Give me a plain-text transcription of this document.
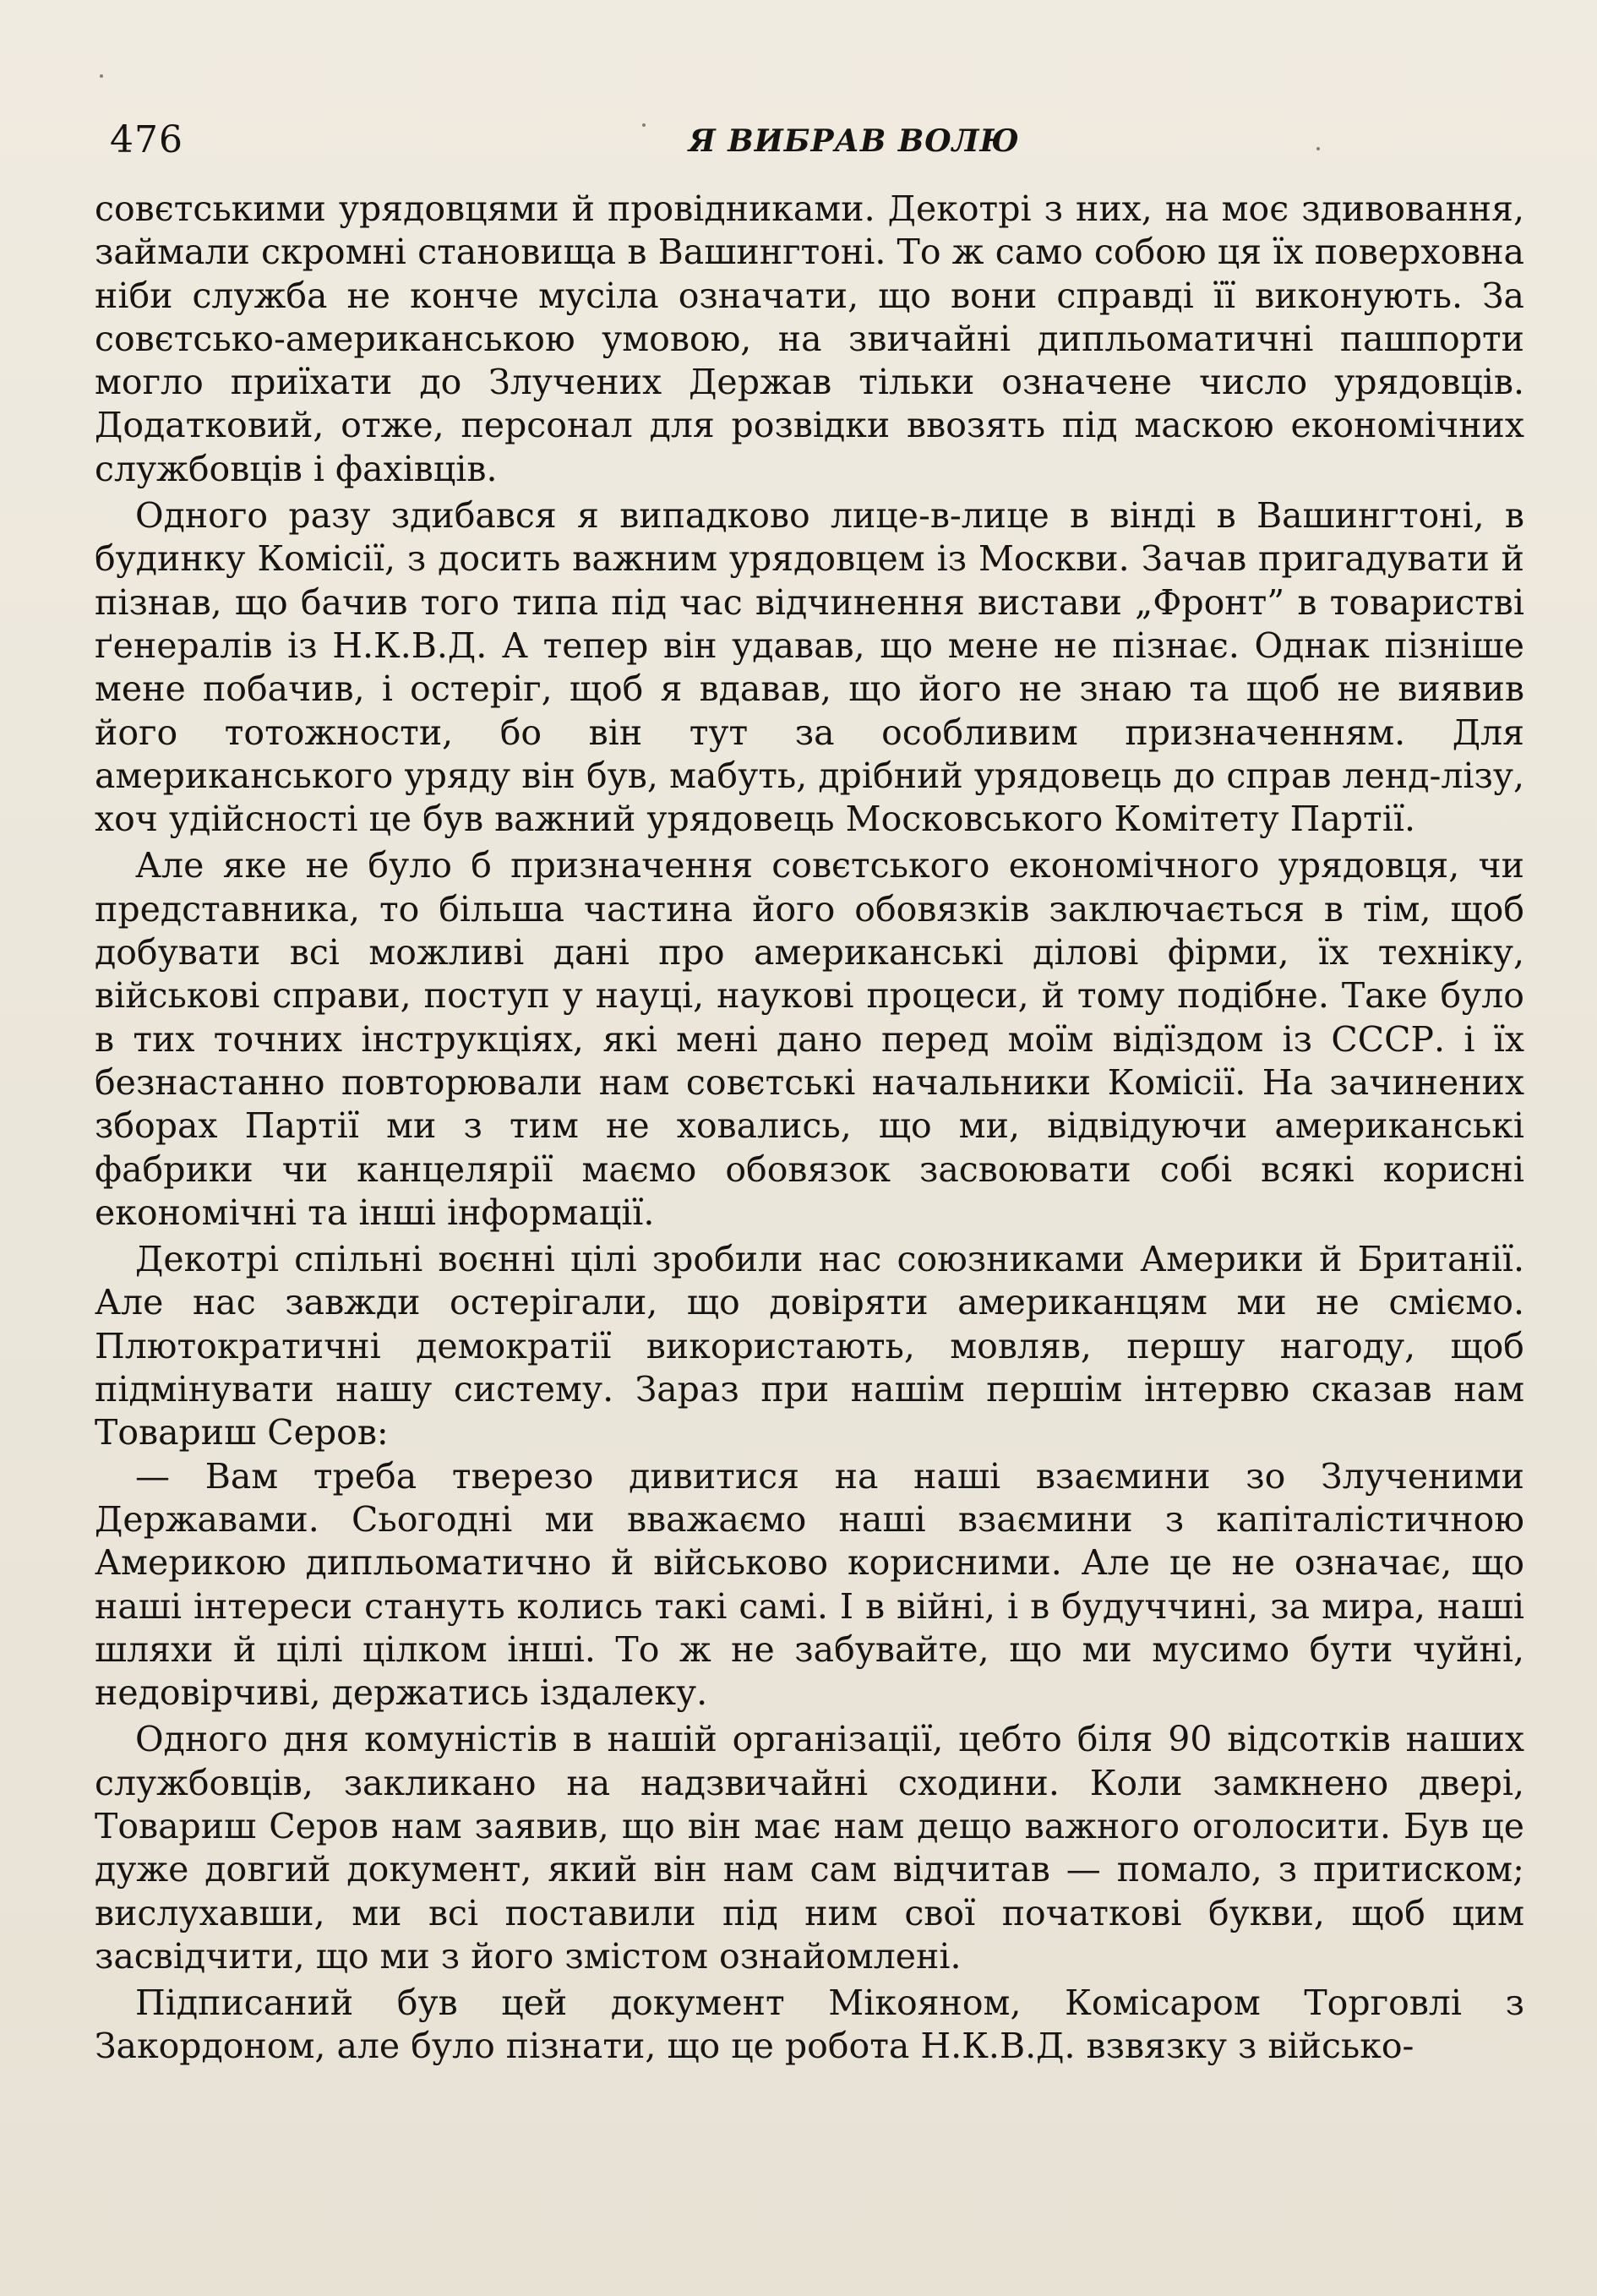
476	Я ВИБРАВ ВОЛЮ

совєтськими урядовцями й провідниками. Декотрі з них, на моє здивовання, займали скромні становища в Вашингтоні. То ж само собою ця їх поверховна ніби служба не конче мусіла означати, що вони справді її виконують. За совєтсько-американською умовою, на звичайні дипльоматичні пашпорти могло приїхати до Злучених Держав тільки означене число урядовців. Додатковий, отже, персонал для розвідки ввозять під маскою економічних службовців і фахівців.

Одного разу здибався я випадково лице-в-лице в вінді в Вашингтоні, в будинку Комісії, з досить важним урядовцем із Москви. Зачав пригадувати й пізнав, що бачив того типа під час відчинення вистави „Фронт” в товаристві ґенералів із Н.К.В.Д. А тепер він удавав, що мене не пізнає. Однак пізніше мене побачив, і остеріг, щоб я вдавав, що його не знаю та щоб не виявив його тотожности, бо він тут за особливим призначенням. Для американського уряду він був, мабуть, дрібний урядовець до справ ленд-лізу, хоч удійсності це був важний урядовець Московського Комітету Партії.

Але яке не було б призначення совєтського економічного урядовця, чи представника, то більша частина його обовязків заключається в тім, щоб добувати всі можливі дані про американські ділові фірми, їх техніку, військові справи, поступ у науці, наукові процеси, й тому подібне. Таке було в тих точних інструкціях, які мені дано перед моїм відїздом із СССР. і їх безнастанно повторювали нам совєтські начальники Комісії. На зачинених зборах Партії ми з тим не ховались, що ми, відвідуючи американські фабрики чи канцелярії маємо обовязок засвоювати собі всякі корисні економічні та інші інформації.

Декотрі спільні воєнні цілі зробили нас союзниками Америки й Британії. Але нас завжди остерігали, що довіряти американцям ми не сміємо. Плютократичні демократії використають, мовляв, першу нагоду, щоб підмінувати нашу систему. Зараз при нашім першім інтервю сказав нам Товариш Серов:

— Вам треба тверезо дивитися на наші взаємини зо Злученими Державами. Сьогодні ми вважаємо наші взаємини з капіталістичною Америкою дипльоматично й військово корисними. Але це не означає, що наші інтереси стануть колись такі самі. І в війні, і в будуччині, за мира, наші шляхи й цілі цілком інші. То ж не забувайте, що ми мусимо бути чуйні, недовірчиві, держатись іздалеку.

Одного дня комуністів в нашій організації, цебто біля 90 відсотків наших службовців, закликано на надзвичайні сходини. Коли замкнено двері, Товариш Серов нам заявив, що він має нам дещо важного оголосити. Був це дуже довгий документ, який він нам сам відчитав — помало, з притиском; вислухавши, ми всі поставили під ним свої початкові букви, щоб цим засвідчити, що ми з його змістом ознайомлені.

Підписаний був цей документ Мікояном, Комісаром Торговлі з Закордоном, але було пізнати, що це робота Н.К.В.Д. взвязку з військо-
